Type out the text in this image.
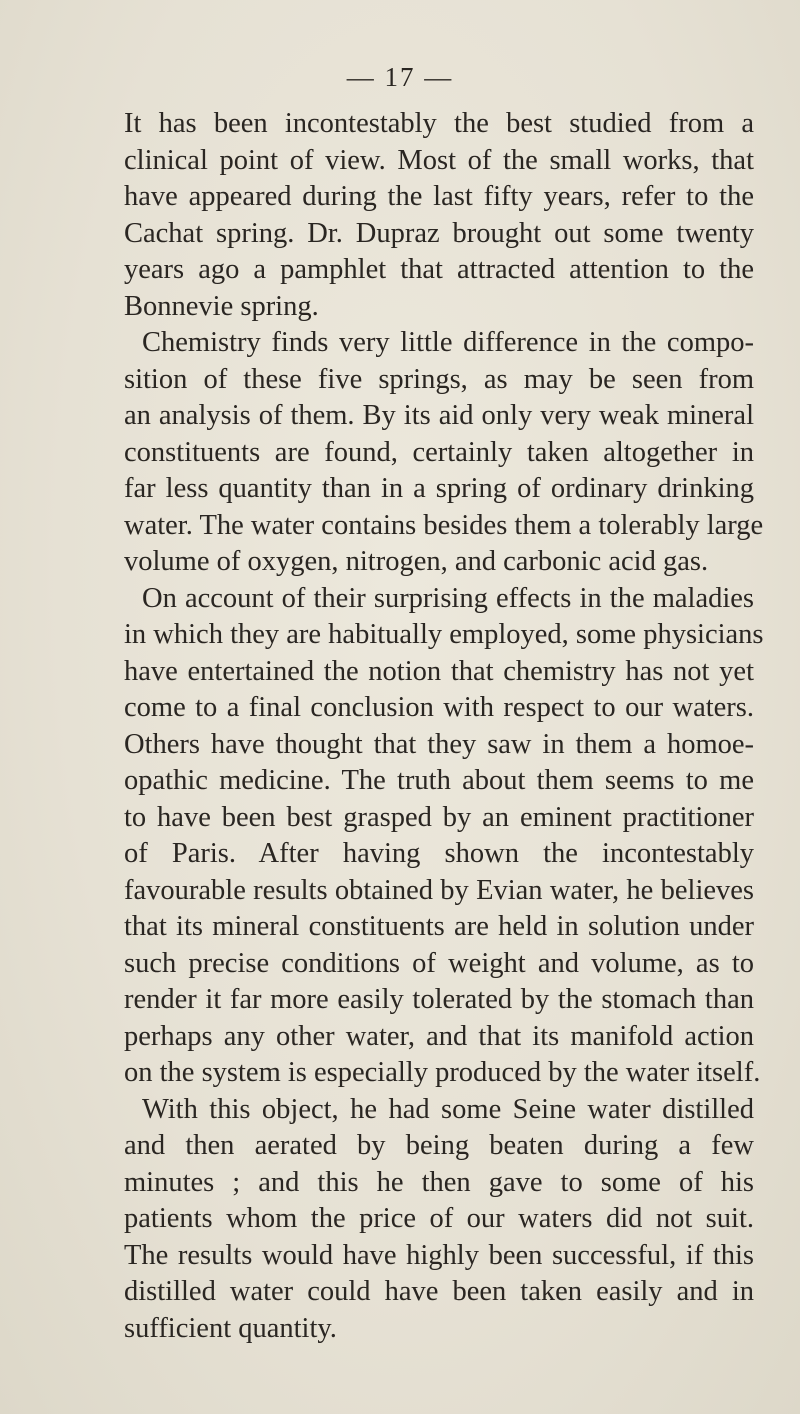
— 17 —

It has been incontestably the best studied from a
clinical point of view. Most of the small works, that
have appeared during the last fifty years, refer to the
Cachat spring. Dr. Dupraz brought out some twenty
years ago a pamphlet that attracted attention to the
Bonnevie spring.

Chemistry finds very little difference in the compo-
sition of these five springs, as may be seen from
an analysis of them. By its aid only very weak mineral
constituents are found, certainly taken altogether in
far less quantity than in a spring of ordinary drinking
water. The water contains besides them a tolerably large
volume of oxygen, nitrogen, and carbonic acid gas.

On account of their surprising effects in the maladies
in which they are habitually employed, some physicians
have entertained the notion that chemistry has not yet
come to a final conclusion with respect to our waters.
Others have thought that they saw in them a homoe-
opathic medicine. The truth about them seems to me
to have been best grasped by an eminent practitioner
of Paris. After having shown the incontestably
favourable results obtained by Evian water, he believes
that its mineral constituents are held in solution under
such precise conditions of weight and volume, as to
render it far more easily tolerated by the stomach than
perhaps any other water, and that its manifold action
on the system is especially produced by the water itself.

With this object, he had some Seine water distilled
and then aerated by being beaten during a few
minutes ; and this he then gave to some of his
patients whom the price of our waters did not suit.
The results would have highly been successful, if this
distilled water could have been taken easily and in
sufficient quantity.
